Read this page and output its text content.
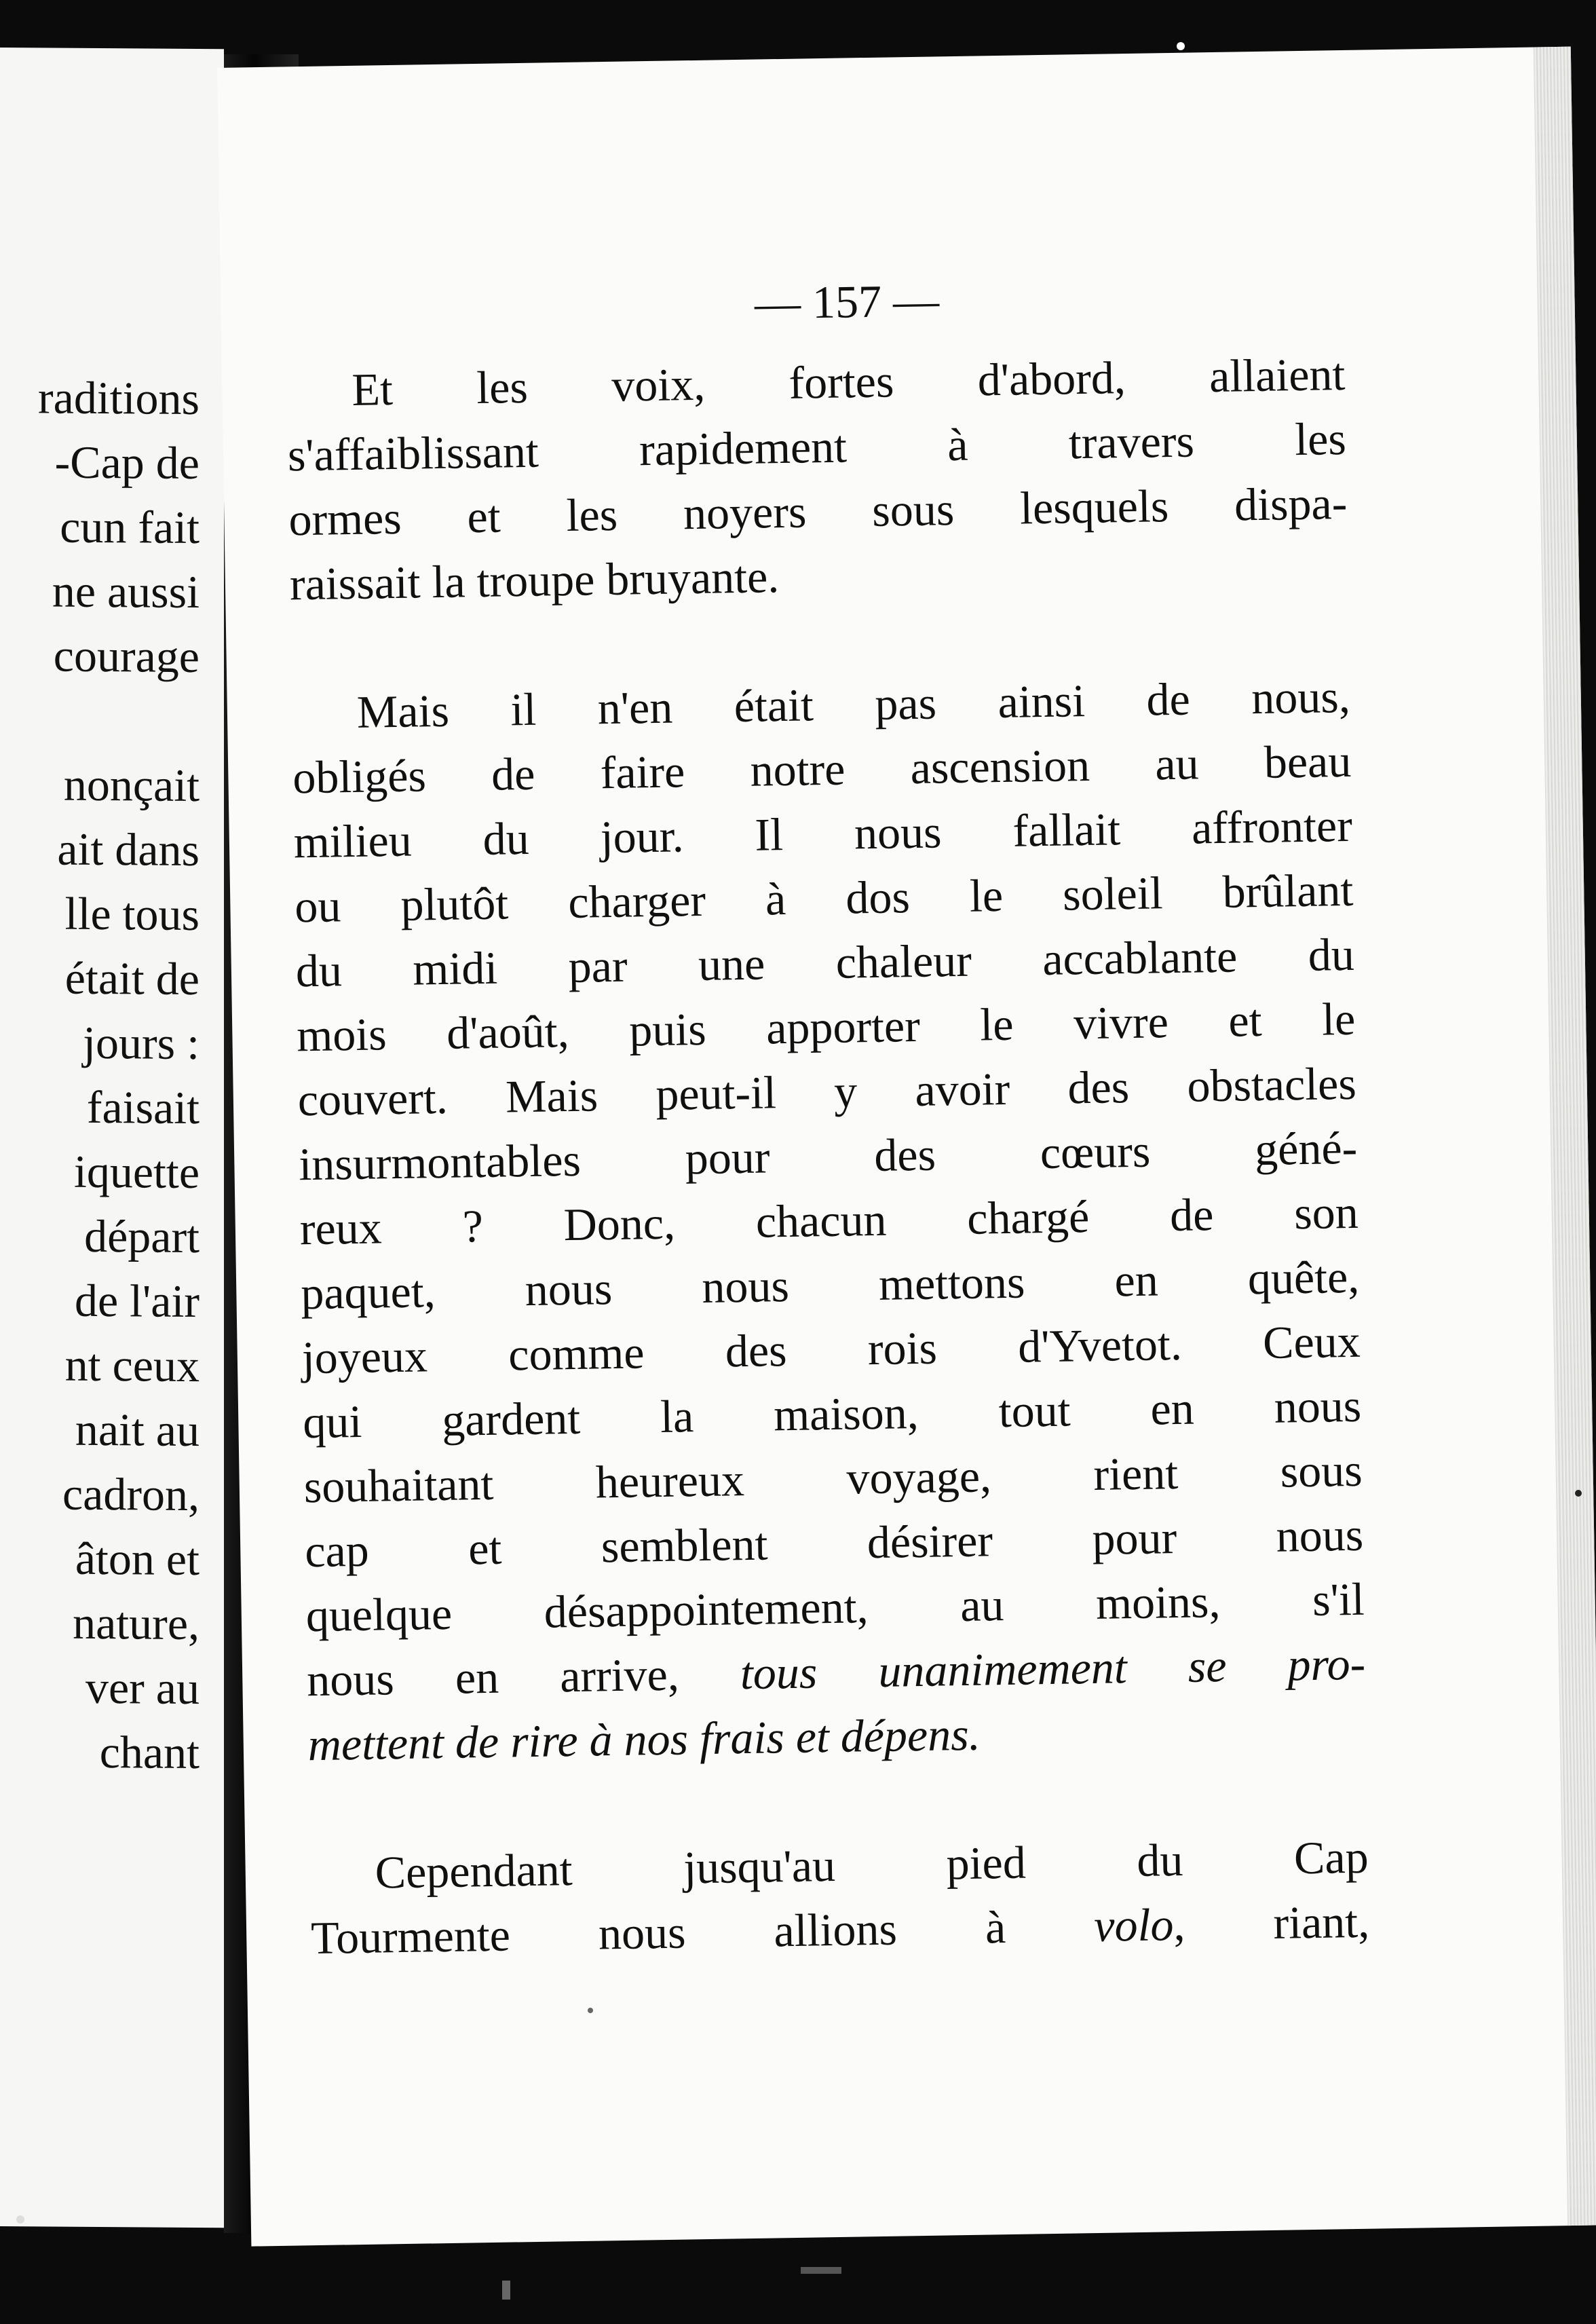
raditions
-Cap de
cun fait
ne aussi
courage
nonçait
ait dans
lle tous
était de
jours :
faisait
iquette
départ
de l'air
nt ceux
nait au
cadron,
âton et
nature,
ver au
chant
— 157 —
Et les voix, fortes d'abord, allaient
s'affaiblissant rapidement à travers les
ormes et les noyers sous lesquels dispa-
raissait la troupe bruyante.
Mais il n'en était pas ainsi de nous,
obligés de faire notre ascension au beau
milieu du jour. Il nous fallait affronter
ou plutôt charger à dos le soleil brûlant
du midi par une chaleur accablante du
mois d'août, puis apporter le vivre et le
couvert. Mais peut-il y avoir des obstacles
insurmontables pour des cœurs géné-
reux ? Donc, chacun chargé de son
paquet, nous nous mettons en quête,
joyeux comme des rois d'Yvetot. Ceux
qui gardent la maison, tout en nous
souhaitant heureux voyage, rient sous
cap et semblent désirer pour nous
quelque désappointement, au moins, s'il
nous en arrive, tous unanimement se pro-
mettent de rire à nos frais et dépens.
Cependant jusqu'au pied du Cap
Tourmente nous allions à volo, riant,
